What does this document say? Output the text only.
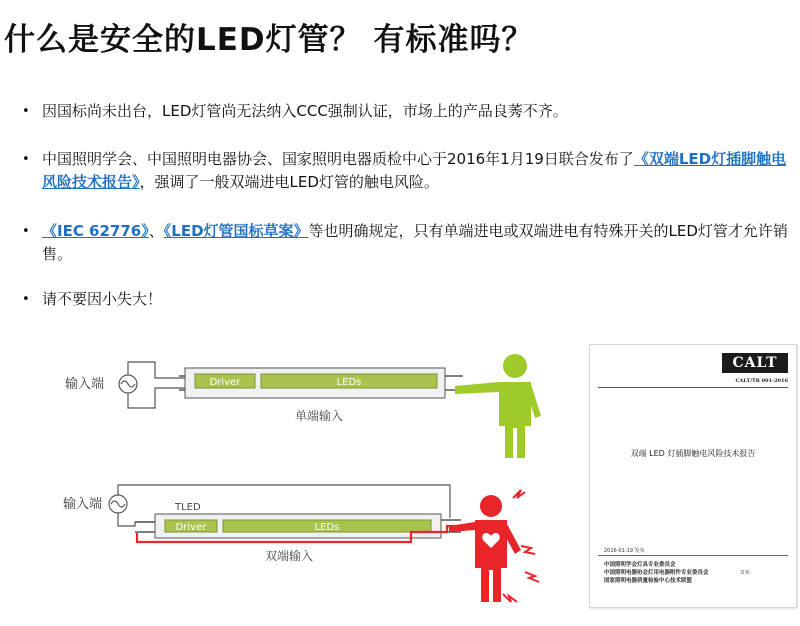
什么是安全的LED灯管？ 有标准吗？
• 因国标尚未出台，LED灯管尚无法纳入CCC强制认证，市场上的产品良莠不齐。
• 中国照明学会、中国照明电器协会、国家照明电器质检中心于2016年1月19日联合发布了《双端LED灯插脚触电风险技术报告》，强调了一般双端进电LED灯管的触电风险。
• 《IEC 62776》、《LED灯管国标草案》等也明确规定，只有单端进电或双端进电有特殊开关的LED灯管才允许销售。
• 请不要因小失大！
输入端	Driver	LEDs
单端输入
输入端	TLED
Driver	LEDs
双端输入
CALT
CALT/TR 001-2016
双端 LED 灯插脚触电风险技术报告
2016-01-19 发布
中国照明学会灯具专业委员会
中国照明电器协会灯用电器附件专业委员会
国家照明电器质量检验中心技术联盟
发布
